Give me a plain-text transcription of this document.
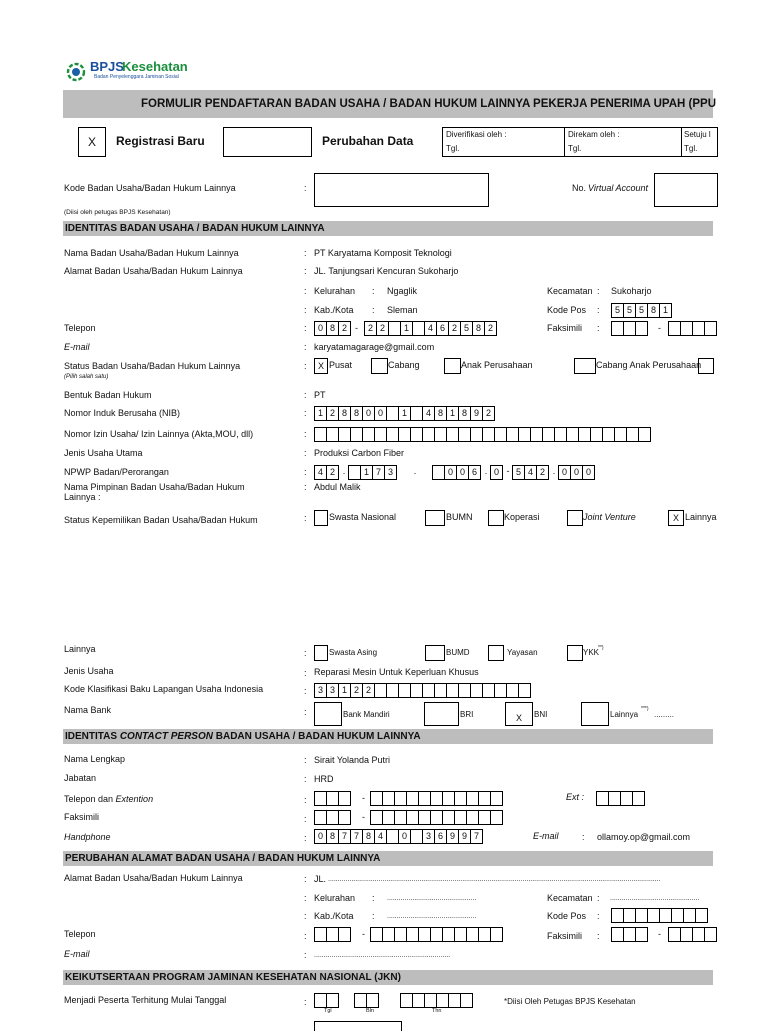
BPJS
Kesehatan
Badan Penyelenggara Jaminan Sosial
FORMULIR PENDAFTARAN BADAN USAHA / BADAN HUKUM LAINNYA PEKERJA PENERIMA UPAH (PPU
X	Registrasi Baru	Perubahan Data	Diverifikasi oleh :
Tgl.
Direkam oleh :
Tgl.
Setuju l
Tgl.
Kode Badan Usaha/Badan Hukum Lainnya	:	No. Virtual Account
(Diisi oleh petugas BPJS Kesehatan)
IDENTITAS BADAN USAHA / BADAN HUKUM LAINNYA
Nama Badan Usaha/Badan Hukum Lainnya	: PT Karyatama Komposit Teknologi
Alamat Badan Usaha/Badan Hukum Lainnya	: JL. Tanjungsari Kencuran Sukoharjo
: Kelurahan : Ngaglik	Kecamatan : Sukoharjo
: Kab./Kota : Sleman	Kode Pos :	5 5 5 8 1
Telepon	:	0 8 2 -	2 2	1	4 6 2 5 8 2	Faksimili :	-
E-mail	: karyatamagarage@gmail.com
Status Badan Usaha/Badan Hukum Lainnya
(Pilih salah satu)
:	X Pusat	Cabang	Anak Perusahaan	Cabang Anak Perusahaan
Bentuk Badan Hukum	: PT
Nomor Induk Berusaha (NIB)	:	1 2 8 8 0 0	1	4 8 1 8 9 2
Nomor Izin Usaha/ Izin Lainnya (Akta,MOU, dll)	:
Jenis Usaha Utama	: Produksi Carbon Fiber
NPWP Badan/Perorangan	:	4 2 .	1 7 3	.	0 0 6 . 0 - 5 4 2 . 0 0 0
Nama Pimpinan Badan Usaha/Badan Hukum Lainnya :
: Abdul Malik
Status Kepemilikan Badan Usaha/Badan Hukum	: Swasta Nasional	BUMN	Koperasi	Joint Venture	X Lainnya
Lainnya	:	Swasta Asing	BUMD	Yayasan	YKK
**)
Jenis Usaha	: Reparasi Mesin Untuk Keperluan Khusus
Kode Klasifikasi Baku Lapangan Usaha Indonesia	:	3 3 1 2 2
Nama Bank	:	Bank Mandiri	BRI	X	BNI	Lainnya
***)
.........
IDENTITAS CONTACT PERSON BADAN USAHA / BADAN HUKUM LAINNYA
Nama Lengkap	: Sirait Yolanda Putri
Jabatan	: HRD
Telepon dan Extention	:	-	Ext :
Faksimili	:	-
Handphone	:	0 8 7 7 8 4	0	3 6 9 9 7	E-mail	: ollamoy.op@gmail.com
PERUBAHAN ALAMAT BADAN USAHA / BADAN HUKUM LAINNYA
Alamat Badan Usaha/Badan Hukum Lainnya	: JL. ...........................................................................................................................................................................
: Kelurahan : ..............................................	Kecamatan : ..............................................
: Kab./Kota : ..............................................	Kode Pos :
Telepon	:	-	Faksimili :	-
E-mail	: ......................................................................
KEIKUTSERTAAN PROGRAM JAMINAN KESEHATAN NASIONAL (JKN)
Menjadi Peserta Terhitung Mulai Tanggal	:
Tgl	Bln	Thn
*Diisi Oleh Petugas BPJS Kesehatan
